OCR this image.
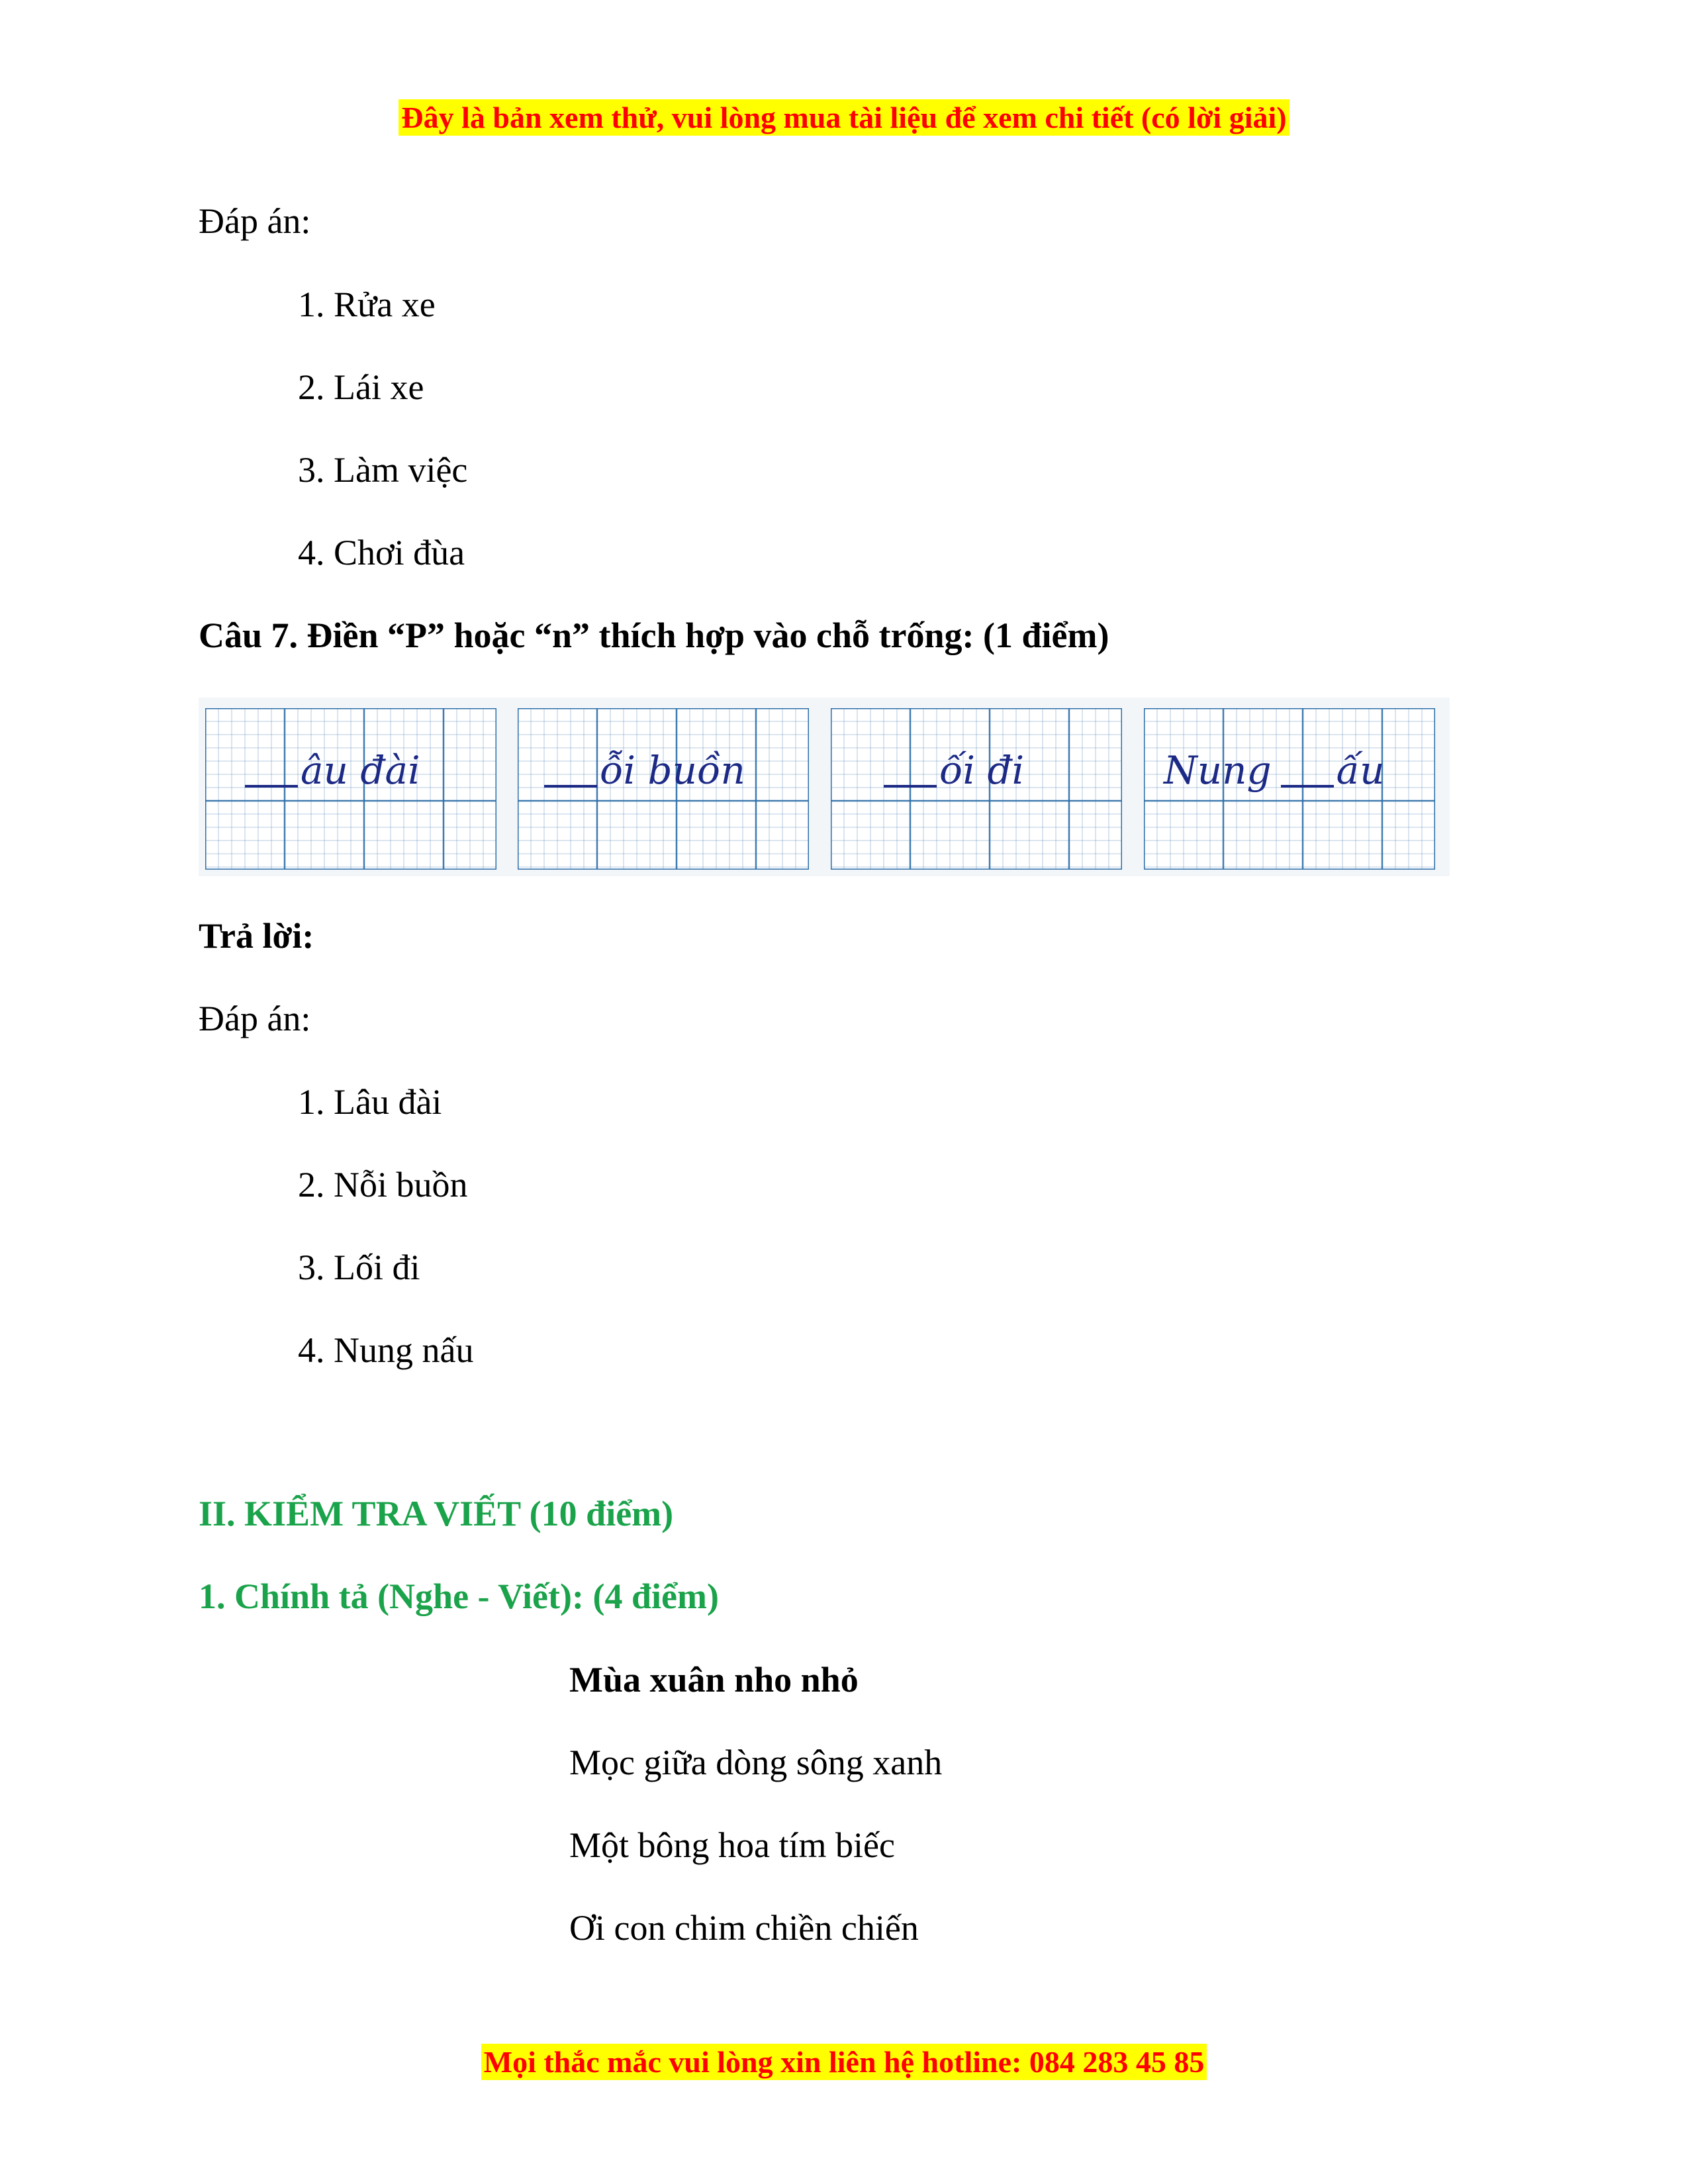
Đây là bản xem thử, vui lòng mua tài liệu để xem chi tiết (có lời giải)
Đáp án:
1. Rửa xe
2. Lái xe
3. Làm việc
4. Chơi đùa
Câu 7. Điền “P” hoặc “n” thích hợp vào chỗ trống: (1 điểm)
âu đài	ỗi buồn	ối đi	Nung ấu
Trả lời:
Đáp án:
1. Lâu đài
2. Nỗi buồn
3. Lối đi
4. Nung nấu
II. KIỂM TRA VIẾT (10 điểm)
1. Chính tả (Nghe - Viết): (4 điểm)
Mùa xuân nho nhỏ
Mọc giữa dòng sông xanh
Một bông hoa tím biếc
Ơi con chim chiền chiến
Mọi thắc mắc vui lòng xin liên hệ hotline: 084 283 45 85
